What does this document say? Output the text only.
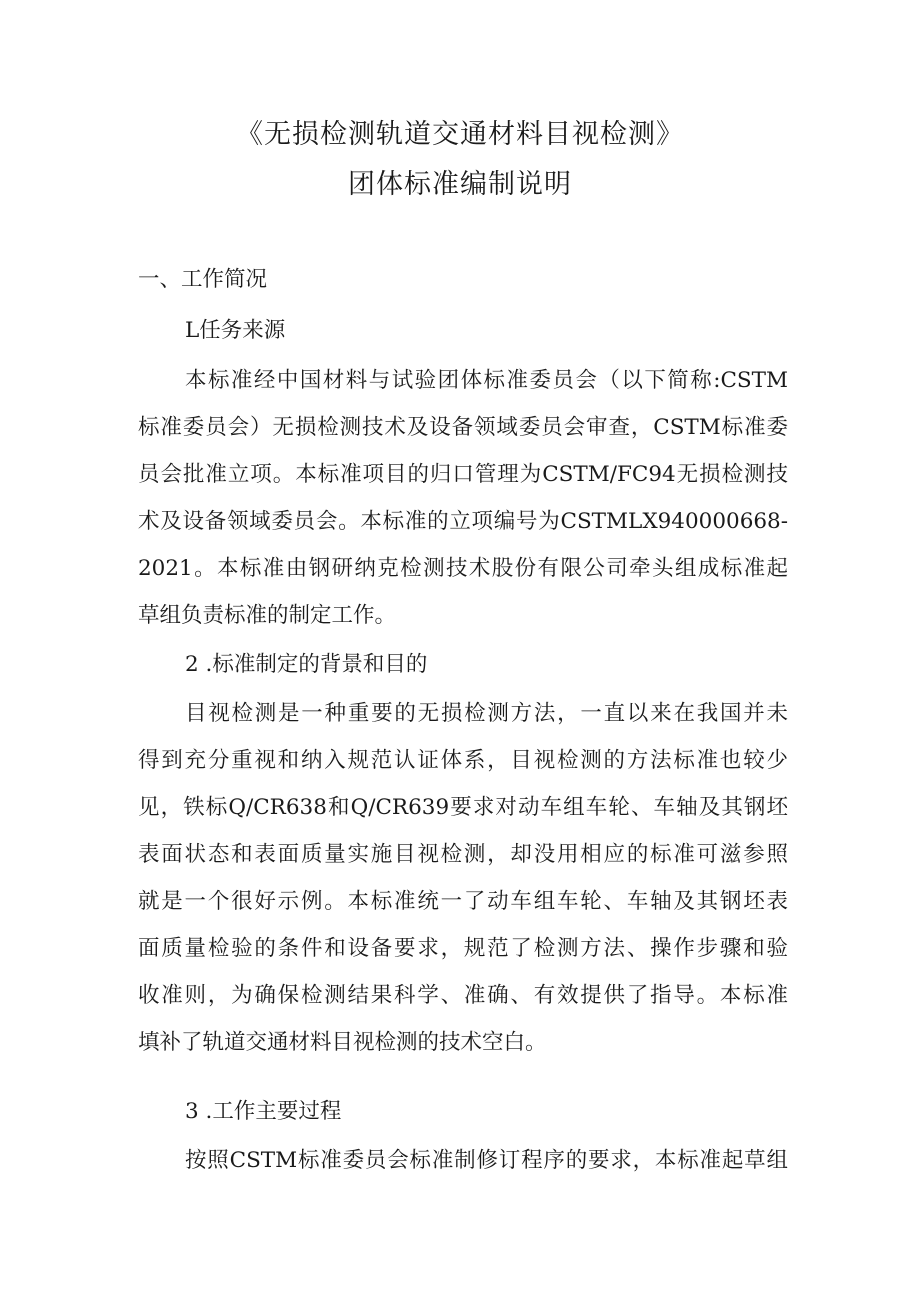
《无损检测轨道交通材料目视检测》
团体标准编制说明
一、工作简况
L任务来源
本标准经中国材料与试验团体标准委员会（以下简称:CSTM
标准委员会）无损检测技术及设备领域委员会审查，CSTM标准委
员会批准立项。本标准项目的归口管理为CSTM/FC94无损检测技
术及设备领域委员会。本标准的立项编号为CSTMLX940000668-
2021。本标准由钢研纳克检测技术股份有限公司牵头组成标准起
草组负责标准的制定工作。
2 .标准制定的背景和目的
目视检测是一种重要的无损检测方法，一直以来在我国并未
得到充分重视和纳入规范认证体系，目视检测的方法标准也较少
见，铁标Q/CR638和Q/CR639要求对动车组车轮、车轴及其钢坯
表面状态和表面质量实施目视检测，却没用相应的标准可滋参照
就是一个很好示例。本标准统一了动车组车轮、车轴及其钢坯表
面质量检验的条件和设备要求，规范了检测方法、操作步骤和验
收准则，为确保检测结果科学、准确、有效提供了指导。本标准
填补了轨道交通材料目视检测的技术空白。
3 .工作主要过程
按照CSTM标准委员会标准制修订程序的要求，本标准起草组
